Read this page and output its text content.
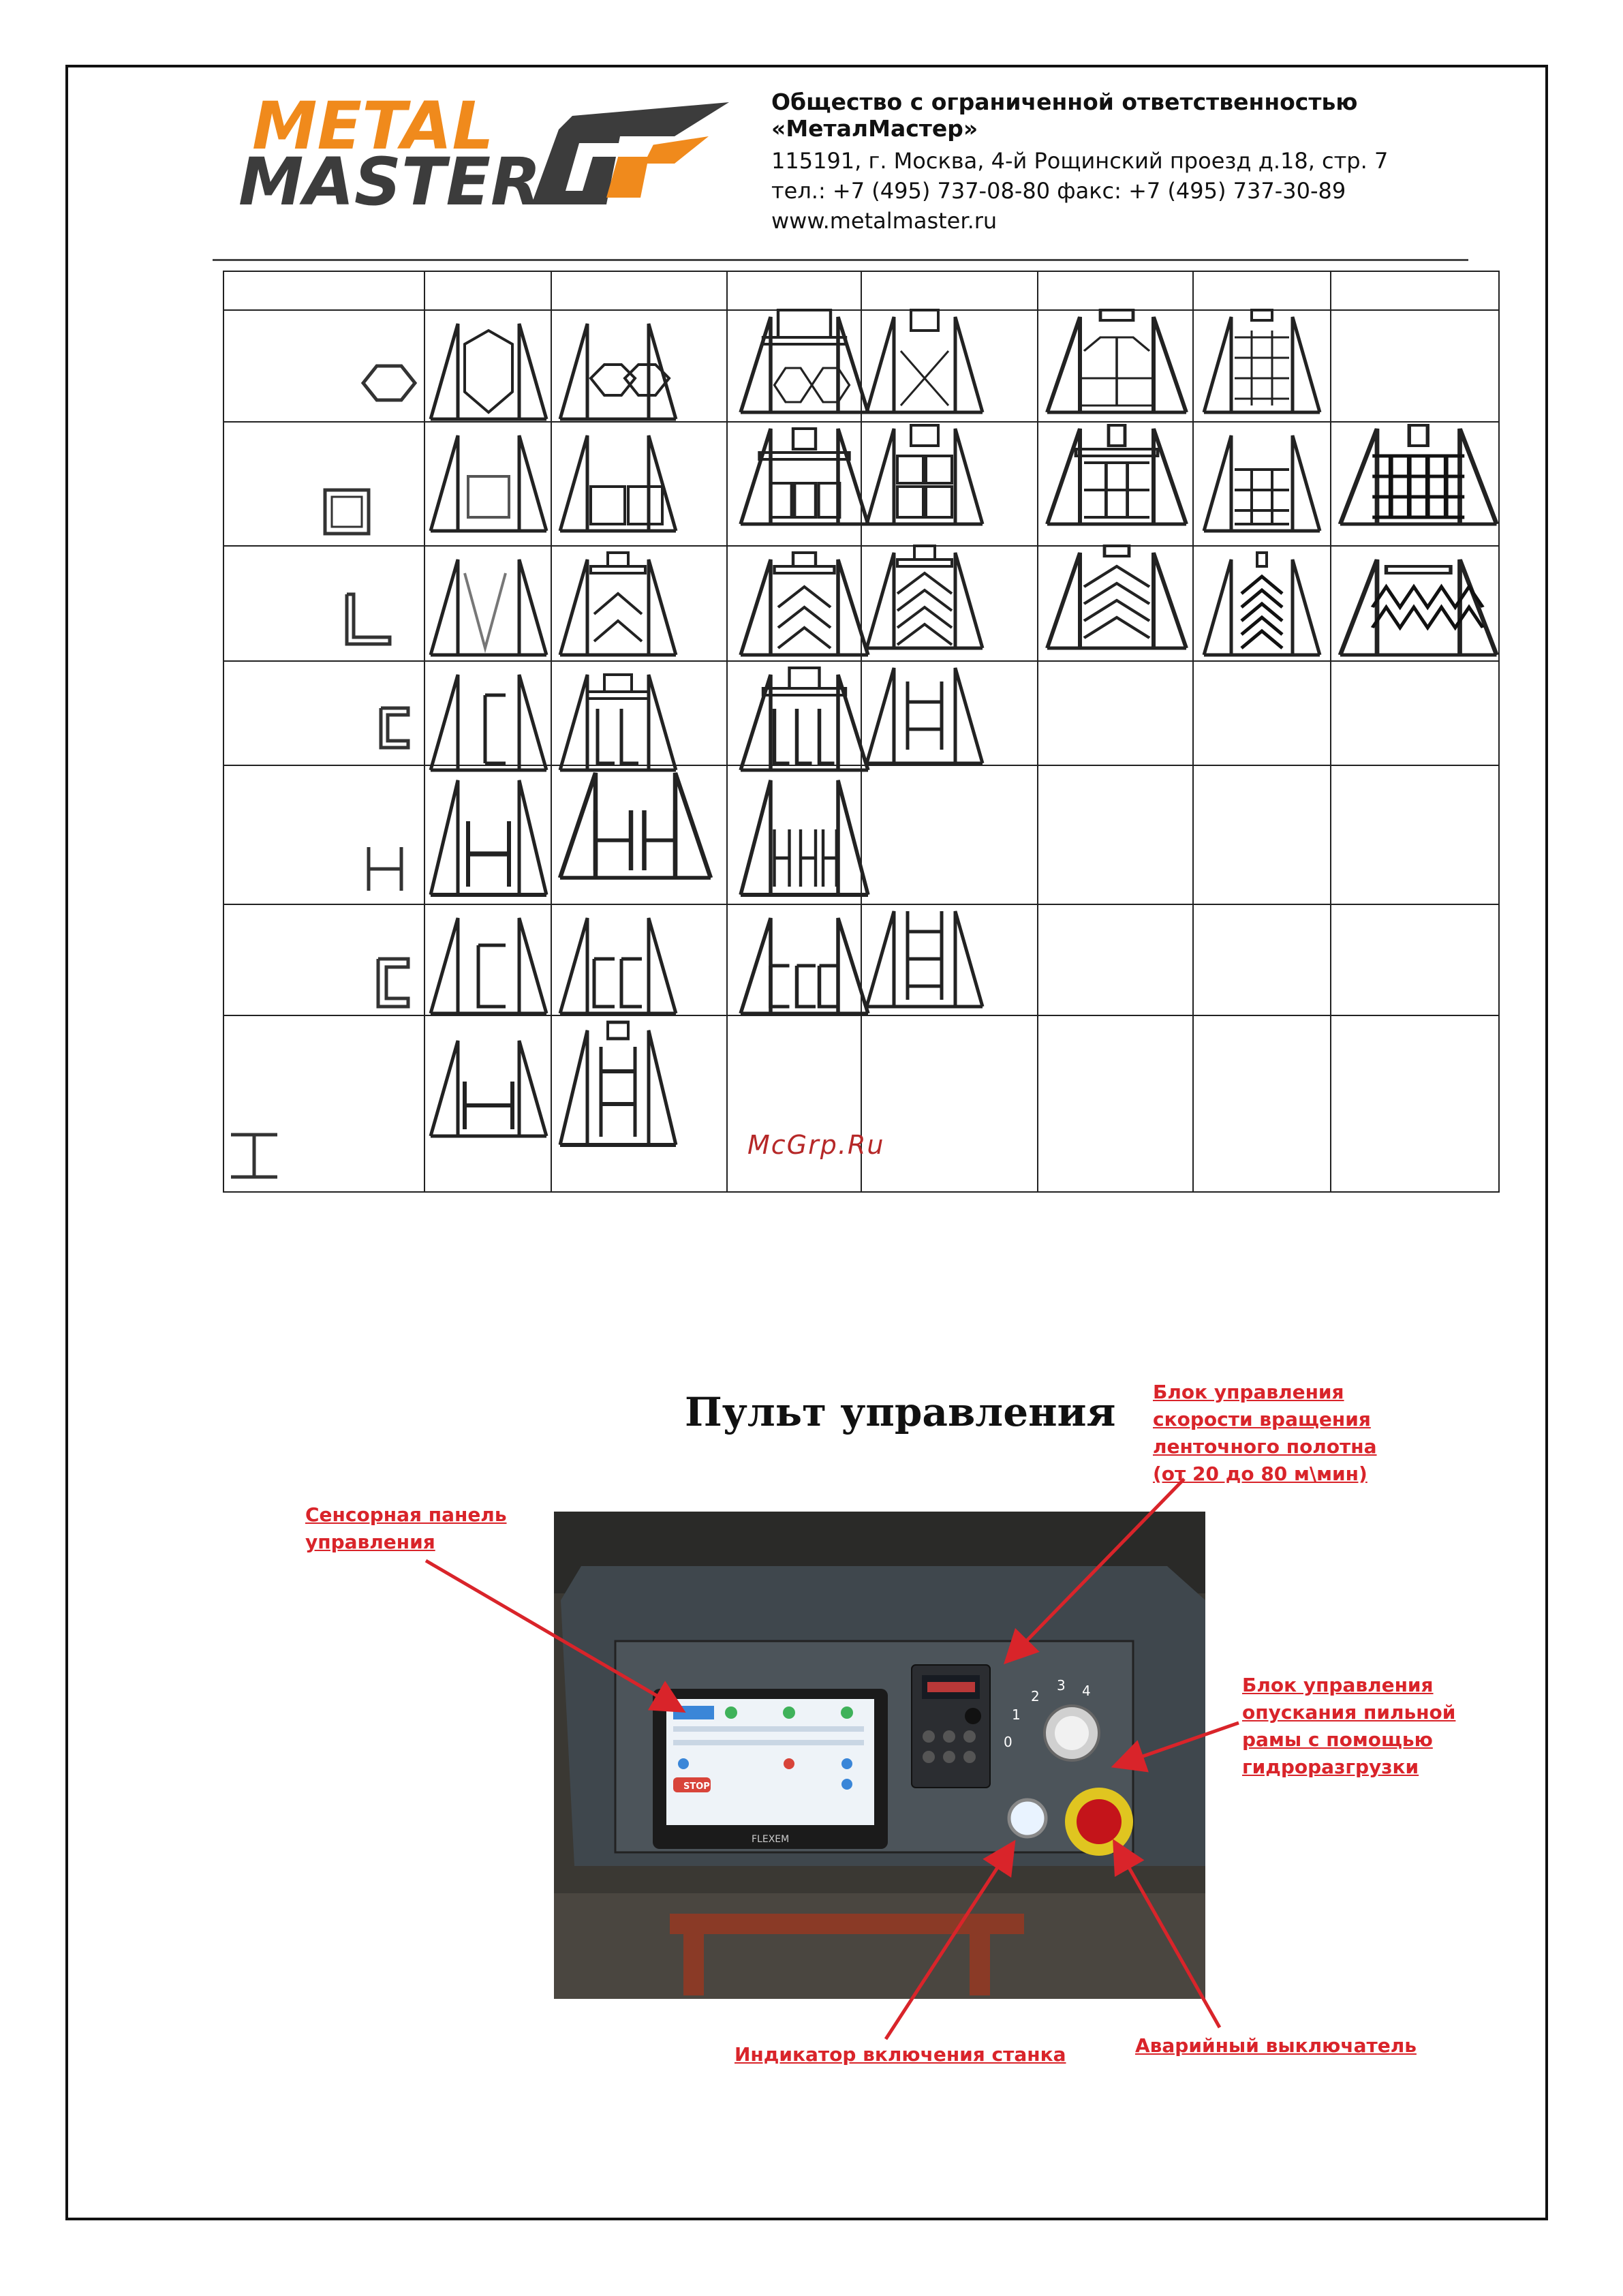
METAL
MASTER
Общество с ограниченной ответственностью «МеталМастер»
115191, г. Москва, 4-й Рощинский проезд д.18, стр. 7
тел.: +7 (495) 737-08-80 факс: +7 (495) 737-30-89
www.metalmaster.ru
McGrp.Ru
Пульт управления
Сенсорная панель
управления
Блок управления
скорости вращения
ленточного полотна
(от 20 до 80 м\мин)
Блок управления
опускания пильной
рамы с помощью
гидроразгрузки
Индикатор включения станка	Аварийный выключатель
STOP
FLEXEM
0
1
2
3 4
